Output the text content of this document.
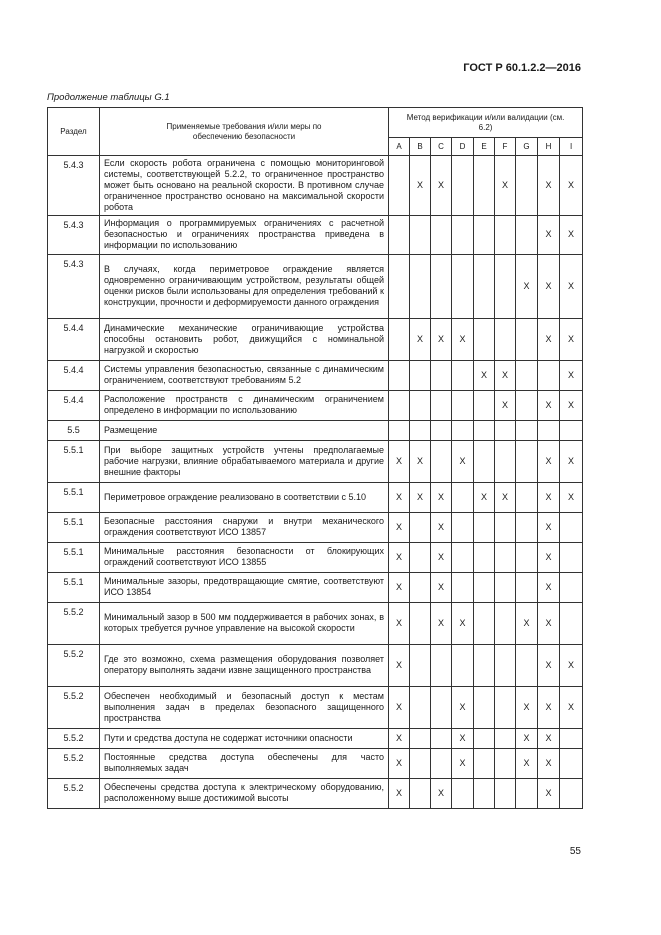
ГОСТ Р 60.1.2.2—2016
Продолжение таблицы G.1
Раздел	Применяемые требования и/или меры по обеспечению безопасности	Метод верификации и/или валидации (см. 6.2)								
		A	B	C	D	E	F	G	H	I
5.4.3	Если скорость робота ограничена с помощью мониторинговой системы, соответствующей 5.2.2, то ограниченное пространство может быть основано на реальной скорости. В противном случае ограниченное пространство основано на максимальной скорости робота		X	X			X		X	X
5.4.3	Информация о программируемых ограничениях с расчетной безопасностью и ограничениях пространства приведена в информации по использованию								X	X
5.4.3	В случаях, когда периметровое ограждение является одновременно ограничивающим устройством, результаты общей оценки рисков были использованы для определения требований к конструкции, прочности и деформируемости данного ограждения							X	X	X
5.4.4	Динамические механические ограничивающие устройства способны остановить робот, движущийся с номинальной нагрузкой и скоростью		X	X	X				X	X
5.4.4	Системы управления безопасностью, связанные с динамическим ограничением, соответствуют требованиям 5.2					X	X			X
5.4.4	Расположение пространств с динамическим ограничением определено в информации по использованию						X		X	X
5.5	Размещение									
5.5.1	При выборе защитных устройств учтены предполагаемые рабочие нагрузки, влияние обрабатываемого материала и другие внешние факторы	X	X		X				X	X
5.5.1	Периметровое ограждение реализовано в соответствии с 5.10	X	X	X		X	X		X	X
5.5.1	Безопасные расстояния снаружи и внутри механического ограждения соответствуют ИСО 13857	X		X					X	
5.5.1	Минимальные расстояния безопасности от блокирующих ограждений соответствуют ИСО 13855	X		X					X	
5.5.1	Минимальные зазоры, предотвращающие смятие, соответствуют ИСО 13854	X		X					X	
5.5.2	Минимальный зазор в 500 мм поддерживается в рабочих зонах, в которых требуется ручное управление на высокой скорости	X		X	X			X	X	
5.5.2	Где это возможно, схема размещения оборудования позволяет оператору выполнять задачи извне защищенного пространства	X							X	X
5.5.2	Обеспечен необходимый и безопасный доступ к местам выполнения задач в пределах безопасного защищенного пространства	X			X			X	X	X
5.5.2	Пути и средства доступа не содержат источники опасности	X			X			X	X	
5.5.2	Постоянные средства доступа обеспечены для часто выполняемых задач	X			X			X	X	
5.5.2	Обеспечены средства доступа к электрическому оборудованию, расположенному выше достижимой высоты	X		X					X	
55
